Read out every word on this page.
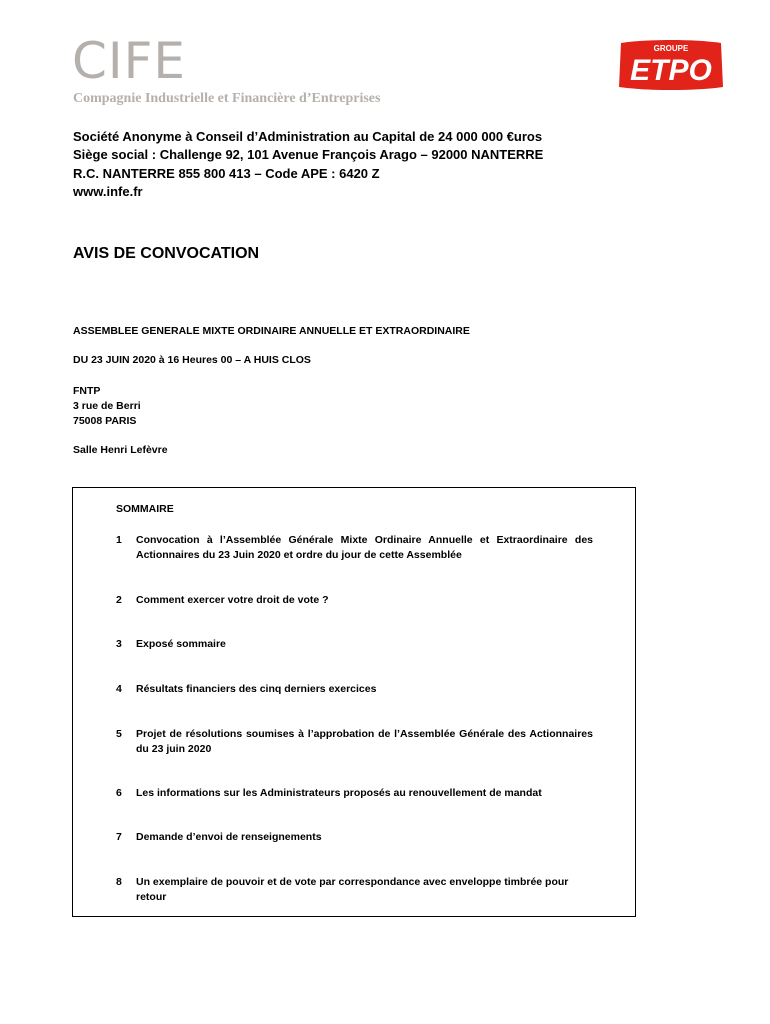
CIFE
Compagnie Industrielle et Financière d’Entreprises
GROUPE
ETPO
Société Anonyme à Conseil d’Administration au Capital de 24 000 000 €uros
Siège social : Challenge 92, 101 Avenue François Arago – 92000 NANTERRE
R.C. NANTERRE 855 800 413 – Code APE : 6420 Z
www.infe.fr
AVIS DE CONVOCATION
ASSEMBLEE GENERALE MIXTE ORDINAIRE ANNUELLE ET EXTRAORDINAIRE
DU 23 JUIN 2020 à 16 Heures 00 – A HUIS CLOS
FNTP
3 rue de Berri
75008 PARIS
Salle Henri Lefèvre
SOMMAIRE
1 Convocation à l’Assemblée Générale Mixte Ordinaire Annuelle et Extraordinaire des Actionnaires du 23 Juin 2020 et ordre du jour de cette Assemblée
2 Comment exercer votre droit de vote ?
3 Exposé sommaire
4 Résultats financiers des cinq derniers exercices
5 Projet de résolutions soumises à l’approbation de l’Assemblée Générale des Actionnaires du 23 juin 2020
6 Les informations sur les Administrateurs proposés au renouvellement de mandat
7 Demande d’envoi de renseignements
8 Un exemplaire de pouvoir et de vote par correspondance avec enveloppe timbrée pour retour
